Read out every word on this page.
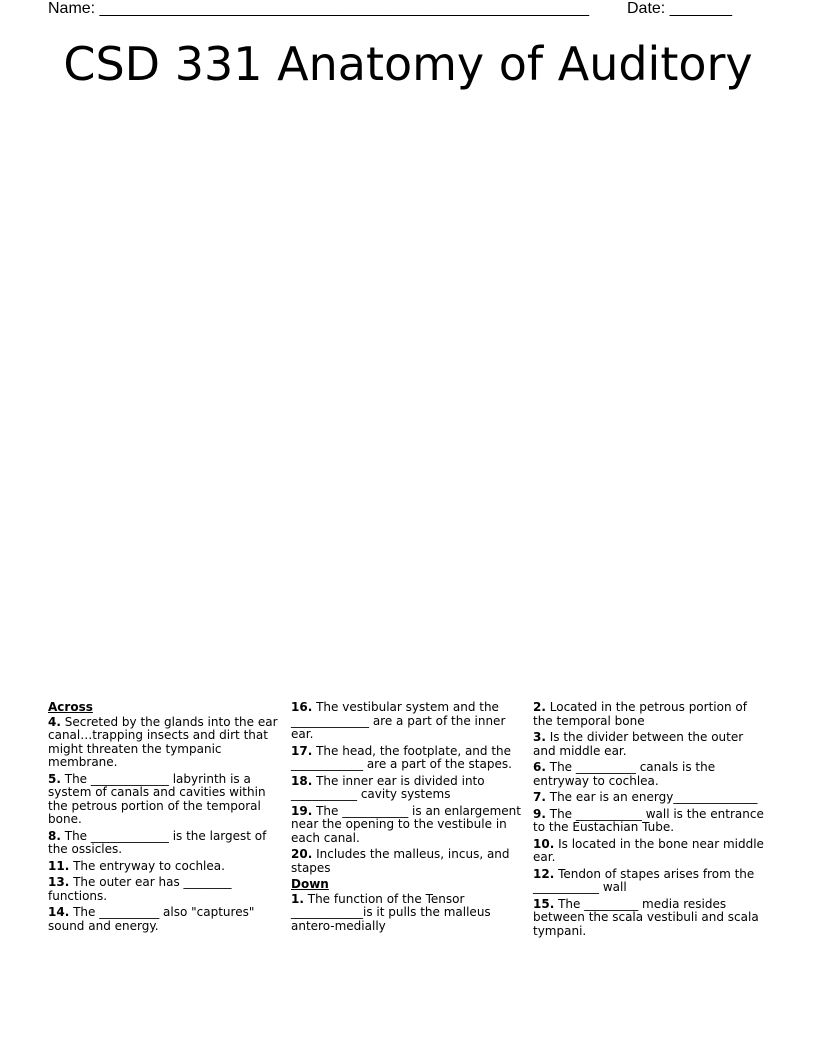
Name: _______________________________________________________ Date: _______
CSD 331 Anatomy of Auditory
Across
4. Secreted by the glands into the ear canal…trapping insects and dirt that might threaten the tympanic membrane.
5. The _____________ labyrinth is a system of canals and cavities within the petrous portion of the temporal bone.
8. The _____________ is the largest of the ossicles.
11. The entryway to cochlea.
13. The outer ear has ________ functions.
14. The __________ also "captures" sound and energy.
16. The vestibular system and the _____________ are a part of the inner ear.
17. The head, the footplate, and the ____________ are a part of the stapes.
18. The inner ear is divided into ___________ cavity systems
19. The ___________ is an enlargement near the opening to the vestibule in each canal.
20. Includes the malleus, incus, and stapes
Down
1. The function of the Tensor ____________is it pulls the malleus antero-medially
2. Located in the petrous portion of the temporal bone
3. Is the divider between the outer and middle ear.
6. The __________ canals is the entryway to cochlea.
7. The ear is an energy______________
9. The ___________ wall is the entrance to the Eustachian Tube.
10. Is located in the bone near middle ear.
12. Tendon of stapes arises from the ___________ wall
15. The _________ media resides between the scala vestibuli and scala tympani.
